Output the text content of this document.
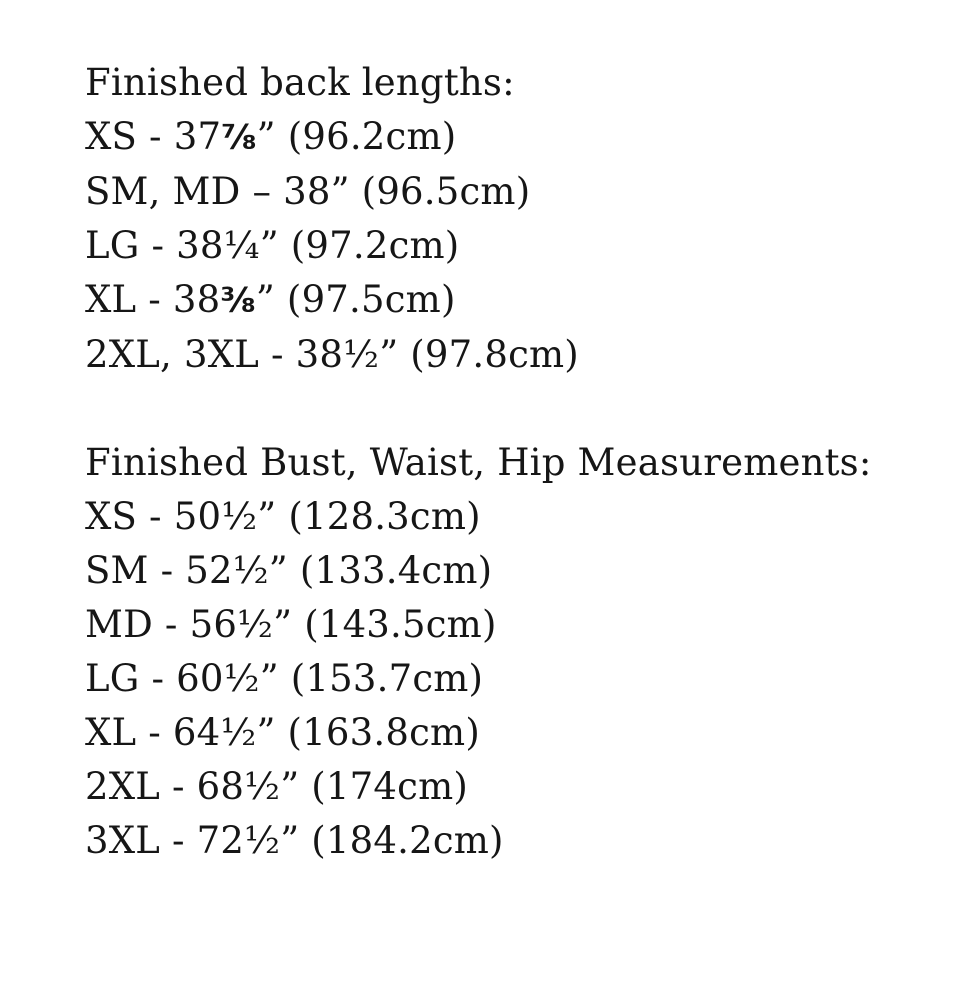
Finished back lengths:
XS - 37⅞” (96.2cm)
SM, MD – 38” (96.5cm)
LG - 38¼” (97.2cm)
XL - 38⅜” (97.5cm)
2XL, 3XL - 38½” (97.8cm)
Finished Bust, Waist, Hip Measurements:
XS - 50½” (128.3cm)
SM - 52½” (133.4cm)
MD - 56½” (143.5cm)
LG - 60½” (153.7cm)
XL - 64½” (163.8cm)
2XL - 68½” (174cm)
3XL - 72½” (184.2cm)
